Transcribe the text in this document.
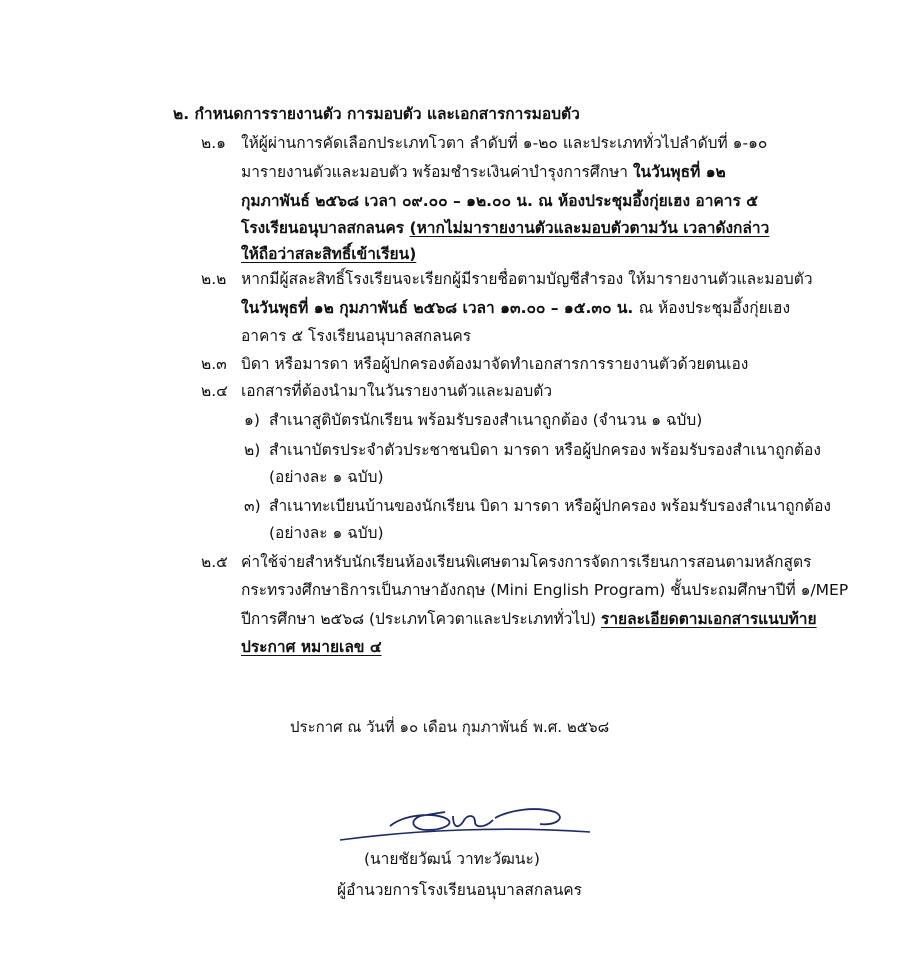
๒. กำหนดการรายงานตัว การมอบตัว และเอกสารการมอบตัว
๒.๑ ให้ผู้ผ่านการคัดเลือกประเภทโวตา ลำดับที่ ๑-๒๐ และประเภททั่วไปลำดับที่ ๑-๑๐
มารายงานตัวและมอบตัว พร้อมชำระเงินค่าบำรุงการศึกษา ในวันพุธที่ ๑๒
กุมภาพันธ์ ๒๕๖๘ เวลา ๐๙.๐๐ – ๑๒.๐๐ น. ณ ห้องประชุมอึ้งกุ่ยเฮง อาคาร ๕
โรงเรียนอนุบาลสกลนคร (หากไม่มารายงานตัวและมอบตัวตามวัน เวลาดังกล่าว
ให้ถือว่าสละสิทธิ์เข้าเรียน)
๒.๒ หากมีผู้สละสิทธิ์โรงเรียนจะเรียกผู้มีรายชื่อตามบัญชีสำรอง ให้มารายงานตัวและมอบตัว
ในวันพุธที่ ๑๒ กุมภาพันธ์ ๒๕๖๘ เวลา ๑๓.๐๐ – ๑๕.๓๐ น. ณ ห้องประชุมอึ้งกุ่ยเฮง
อาคาร ๕ โรงเรียนอนุบาลสกลนคร
๒.๓ บิดา หรือมารดา หรือผู้ปกครองต้องมาจัดทำเอกสารการรายงานตัวด้วยตนเอง
๒.๔ เอกสารที่ต้องนำมาในวันรายงานตัวและมอบตัว
๑) สำเนาสูติบัตรนักเรียน พร้อมรับรองสำเนาถูกต้อง (จำนวน ๑ ฉบับ)
๒) สำเนาบัตรประจำตัวประชาชนบิดา มารดา หรือผู้ปกครอง พร้อมรับรองสำเนาถูกต้อง
(อย่างละ ๑ ฉบับ)
๓) สำเนาทะเบียนบ้านของนักเรียน บิดา มารดา หรือผู้ปกครอง พร้อมรับรองสำเนาถูกต้อง
(อย่างละ ๑ ฉบับ)
๒.๕ ค่าใช้จ่ายสำหรับนักเรียนห้องเรียนพิเศษตามโครงการจัดการเรียนการสอนตามหลักสูตร
กระทรวงศึกษาธิการเป็นภาษาอังกฤษ (Mini English Program) ชั้นประถมศึกษาปีที่ ๑/MEP
ปีการศึกษา ๒๕๖๘ (ประเภทโควตาและประเภททั่วไป) รายละเอียดตามเอกสารแนบท้าย
ประกาศ หมายเลข ๔
ประกาศ ณ วันที่ ๑๐ เดือน กุมภาพันธ์ พ.ศ. ๒๕๖๘
(นายชัยวัฒน์ วาทะวัฒนะ)
ผู้อำนวยการโรงเรียนอนุบาลสกลนคร
